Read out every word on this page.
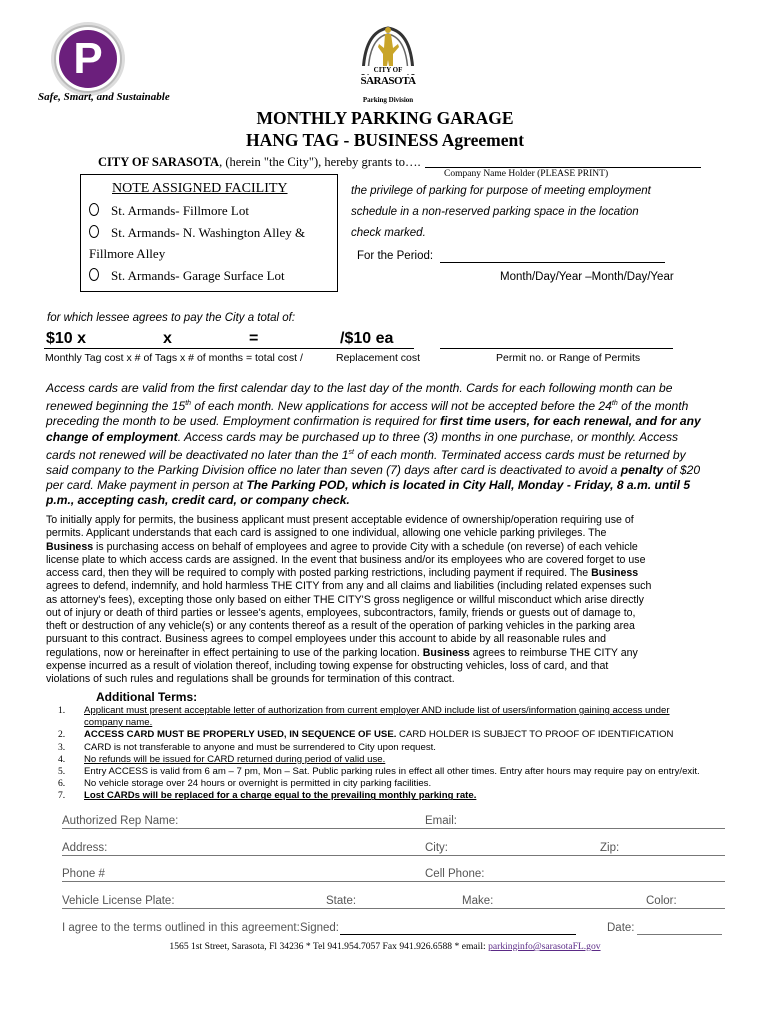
P
Safe, Smart, and Sustainable
CITY OF
SARASOTA
Parking Division
MONTHLY PARKING GARAGE
HANG TAG - BUSINESS Agreement
CITY OF SARASOTA, (herein "the City"), hereby grants to….
Company Name Holder (PLEASE PRINT)
NOTE ASSIGNED FACILITY
St. Armands- Fillmore Lot
St. Armands- N. Washington Alley &
Fillmore Alley
St. Armands- Garage Surface Lot
the privilege of parking for purpose of meeting employment
schedule in a non-reserved parking space in the location
check marked.
For the Period:
Month/Day/Year –Month/Day/Year
for which lessee agrees to pay the City a total of:
$10 x	x	=	/$10 ea
Monthly Tag cost x # of Tags x # of months = total cost /	Replacement cost	Permit no. or Range of Permits
Access cards are valid from the first calendar day to the last day of the month. Cards for each following month can be
renewed beginning the 15th of each month. New applications for access will not be accepted before the 24th of the month
preceding the month to be used. Employment confirmation is required for first time users, for each renewal, and for any
change of employment. Access cards may be purchased up to three (3) months in one purchase, or monthly. Access
cards not renewed will be deactivated no later than the 1st of each month. Terminated access cards must be returned by
said company to the Parking Division office no later than seven (7) days after card is deactivated to avoid a penalty of $20
per card. Make payment in person at The Parking POD, which is located in City Hall, Monday - Friday, 8 a.m. until 5
p.m., accepting cash, credit card, or company check.
To initially apply for permits, the business applicant must present acceptable evidence of ownership/operation requiring use of
permits. Applicant understands that each card is assigned to one individual, allowing one vehicle parking privileges. The
Business is purchasing access on behalf of employees and agree to provide City with a schedule (on reverse) of each vehicle
license plate to which access cards are assigned. In the event that business and/or its employees who are covered forget to use
access card, then they will be required to comply with posted parking restrictions, including payment if required. The Business
agrees to defend, indemnify, and hold harmless THE CITY from any and all claims and liabilities (including related expenses such
as attorney's fees), excepting those only based on either THE CITY'S gross negligence or willful misconduct which arise directly
out of injury or death of third parties or lessee's agents, employees, subcontractors, family, friends or guests out of damage to,
theft or destruction of any vehicle(s) or any contents thereof as a result of the operation of parking vehicles in the parking area
pursuant to this contract. Business agrees to compel employees under this account to abide by all reasonable rules and
regulations, now or hereinafter in effect pertaining to use of the parking location. Business agrees to reimburse THE CITY any
expense incurred as a result of violation thereof, including towing expense for obstructing vehicles, loss of card, and that
violations of such rules and regulations shall be grounds for termination of this contract.
Additional Terms:
1. Applicant must present acceptable letter of authorization from current employer AND include list of users/information gaining access under
company name.
2. ACCESS CARD MUST BE PROPERLY USED, IN SEQUENCE OF USE. CARD HOLDER IS SUBJECT TO PROOF OF IDENTIFICATION
3. CARD is not transferable to anyone and must be surrendered to City upon request.
4. No refunds will be issued for CARD returned during period of valid use.
5. Entry ACCESS is valid from 6 am – 7 pm, Mon – Sat. Public parking rules in effect all other times. Entry after hours may require pay on entry/exit.
6. No vehicle storage over 24 hours or overnight is permitted in city parking facilities.
7. Lost CARDs will be replaced for a charge equal to the prevailing monthly parking rate.
Authorized Rep Name:	Email:
Address:	City:	Zip:
Phone #	Cell Phone:
Vehicle License Plate:	State:	Make:	Color:
I agree to the terms outlined in this agreement: Signed:	Date:
1565 1st Street, Sarasota, Fl 34236 * Tel 941.954.7057 Fax 941.926.6588 * email: parkinginfo@sarasotaFL.gov
